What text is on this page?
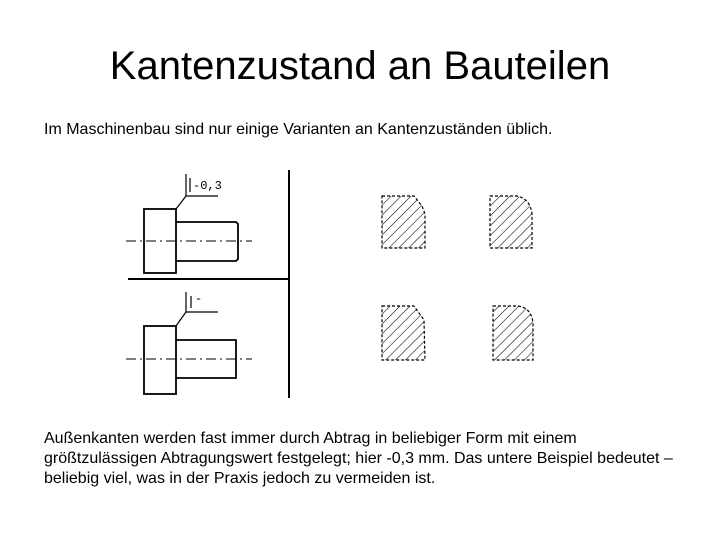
Kantenzustand an Bauteilen
Im Maschinenbau sind nur einige Varianten an Kantenzuständen üblich.
-0,3
-
Außenkanten werden fast immer durch Abtrag in beliebiger Form mit einem größtzulässigen Abtragungswert festgelegt; hier -0,3 mm. Das untere Beispiel bedeutet – beliebig viel, was in der Praxis jedoch zu vermeiden ist.
